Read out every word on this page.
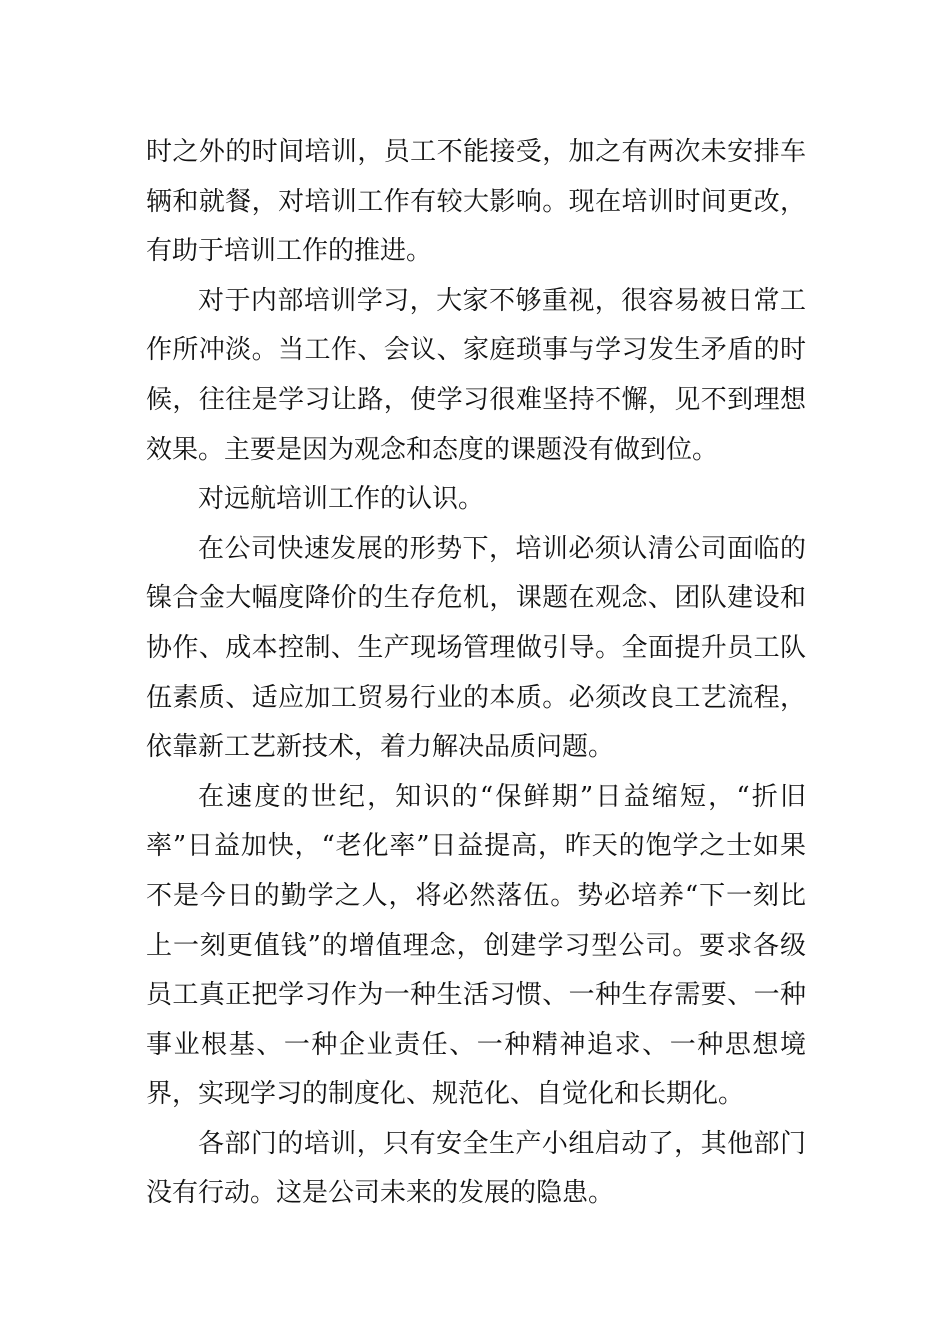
时之外的时间培训，员工不能接受，加之有两次未安排车辆和就餐，对培训工作有较大影响。现在培训时间更改，有助于培训工作的推进。

对于内部培训学习，大家不够重视，很容易被日常工作所冲淡。当工作、会议、家庭琐事与学习发生矛盾的时候，往往是学习让路，使学习很难坚持不懈，见不到理想效果。主要是因为观念和态度的课题没有做到位。

对远航培训工作的认识。

在公司快速发展的形势下，培训必须认清公司面临的镍合金大幅度降价的生存危机，课题在观念、团队建设和协作、成本控制、生产现场管理做引导。全面提升员工队伍素质、适应加工贸易行业的本质。必须改良工艺流程，依靠新工艺新技术，着力解决品质问题。

在速度的世纪，知识的“保鲜期”日益缩短，“折旧率”日益加快，“老化率”日益提高，昨天的饱学之士如果不是今日的勤学之人，将必然落伍。势必培养“下一刻比上一刻更值钱”的增值理念，创建学习型公司。要求各级员工真正把学习作为一种生活习惯、一种生存需要、一种事业根基、一种企业责任、一种精神追求、一种思想境界，实现学习的制度化、规范化、自觉化和长期化。

各部门的培训，只有安全生产小组启动了，其他部门没有行动。这是公司未来的发展的隐患。
